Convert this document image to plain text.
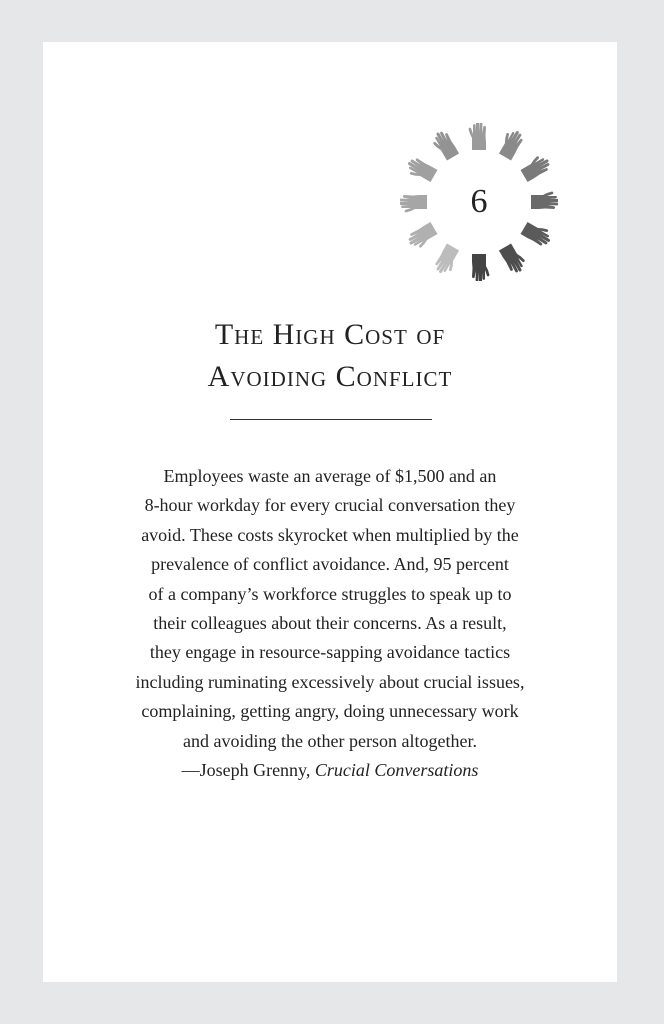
6
The High Cost of
Avoiding Conflict
Employees waste an average of $1,500 and an
8-hour workday for every crucial conversation they
avoid. These costs skyrocket when multiplied by the
prevalence of conflict avoidance. And, 95 percent
of a company’s workforce struggles to speak up to
their colleagues about their concerns. As a result,
they engage in resource-sapping avoidance tactics
including ruminating excessively about crucial issues,
complaining, getting angry, doing unnecessary work
and avoiding the other person altogether.
—Joseph Grenny, Crucial Conversations
